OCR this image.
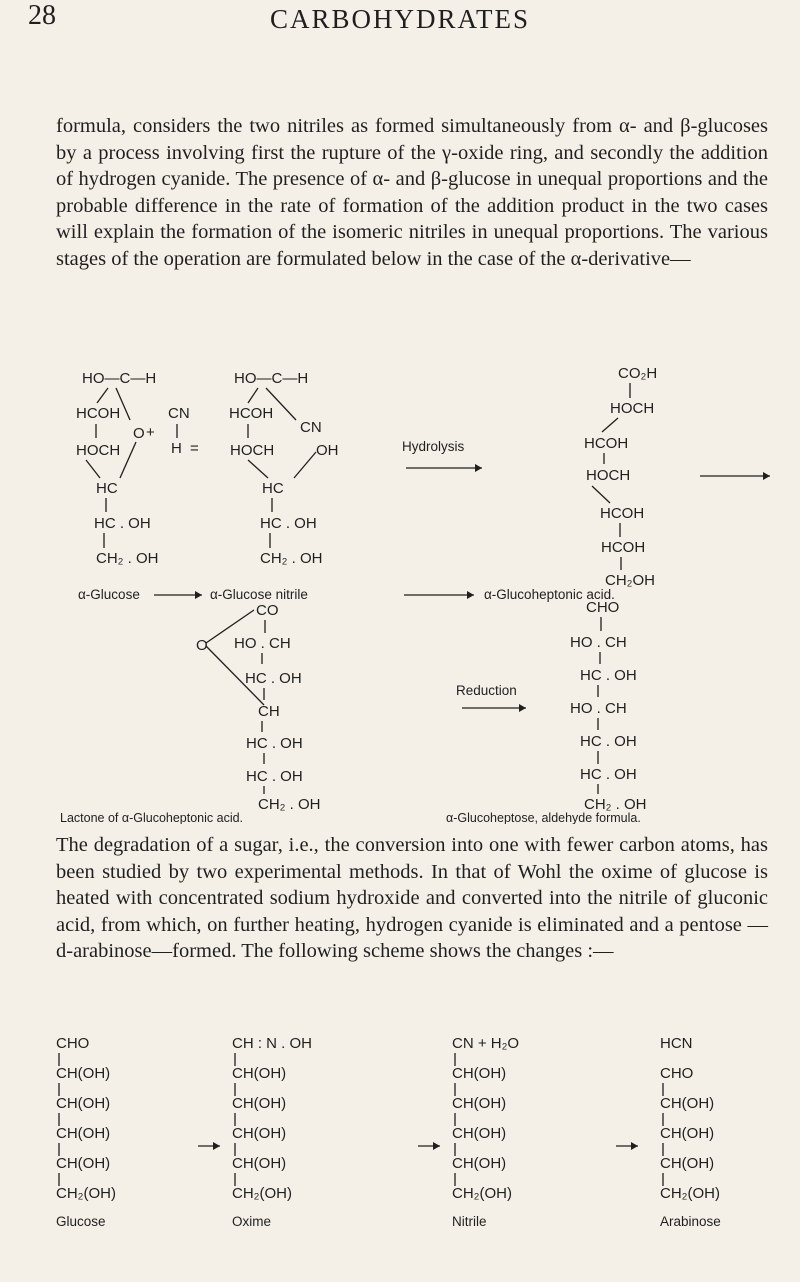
28	CARBOHYDRATES

formula, considers the two nitriles as formed simultaneously from α- and β-glucoses by a process involving first the rupture of the γ-oxide ring, and secondly the addition of hydrogen cyanide. The presence of α- and β-glucose in unequal proportions and the probable difference in the rate of formation of the addition product in the two cases will explain the formation of the isomeric nitriles in unequal proportions. The various stages of the operation are formulated below in the case of the α-derivative—

HO—C—H
HCOH
O
HOCH
HC
HC . OH
CH₂ . OH
α-Glucose
CN
+
H =
HO—C—H
HCOH
CN
HOCH	OH
HC
HC . OH
CH₂ . OH
α-Glucose nitrile
Hydrolysis
CO₂H
HOCH
HCOH
HOCH
HCOH
HCOH
CH₂OH
α-Glucoheptonic acid.
CO
O HO . CH
Reduction
CHO
HO . CH
HC . OH
HO . CH

The degradation of a sugar, i.e., the conversion into one with fewer carbon atoms, has been studied by two experimental methods. In that of Wohl the oxime of glucose is heated with concentrated sodium hydroxide and converted into the nitrile of gluconic acid, from which, on further heating, hydrogen cyanide is eliminated and a pentose —d-arabinose—formed. The following scheme shows the changes :—

HC . OH
CH
HC . OH	HC . OH
HC . OH	HC . OH
CHO
CH(OH)
CH(OH)
CH(OH)
CH(OH)
CH₂(OH)
Glucose
CH : N . OH
CH(OH)
CH(OH)
CH(OH)
CH(OH)
CH₂(OH)
Oxime
CN + H₂O
CH(OH)
CH(OH)
CH(OH)
CH(OH)
CH₂(OH)
Nitrile
HCN
CHO
CH(OH)
CH(OH)
CH(OH)
CH₂(OH)
Arabinose
CH₂ . OH	CH₂ . OH
Lactone of α-Glucoheptonic acid.	α-Glucoheptose, aldehyde formula.
